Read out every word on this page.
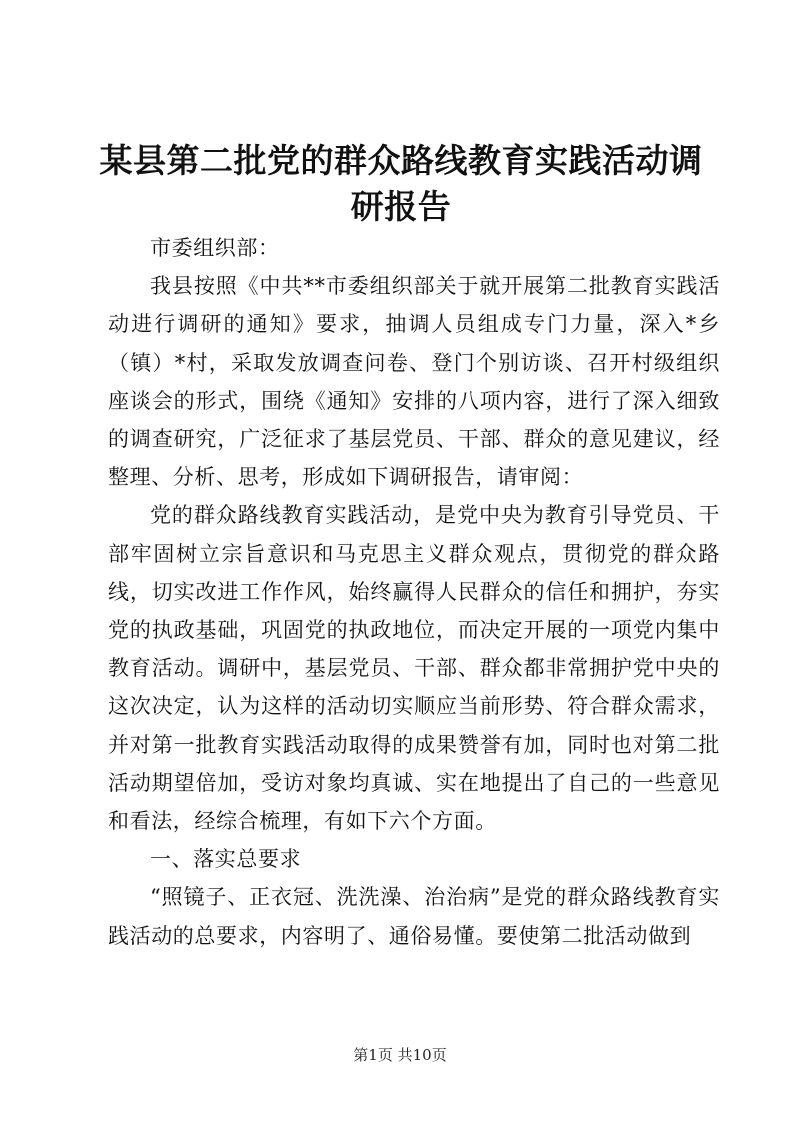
某县第二批党的群众路线教育实践活动调研报告

市委组织部：

我县按照《中共**市委组织部关于就开展第二批教育实践活动进行调研的通知》要求，抽调人员组成专门力量，深入*乡（镇）*村，采取发放调查问卷、登门个别访谈、召开村级组织座谈会的形式，围绕《通知》安排的八项内容，进行了深入细致的调查研究，广泛征求了基层党员、干部、群众的意见建议，经整理、分析、思考，形成如下调研报告，请审阅：

党的群众路线教育实践活动，是党中央为教育引导党员、干部牢固树立宗旨意识和马克思主义群众观点，贯彻党的群众路线，切实改进工作作风，始终赢得人民群众的信任和拥护，夯实党的执政基础，巩固党的执政地位，而决定开展的一项党内集中教育活动。调研中，基层党员、干部、群众都非常拥护党中央的这次决定，认为这样的活动切实顺应当前形势、符合群众需求，并对第一批教育实践活动取得的成果赞誉有加，同时也对第二批活动期望倍加，受访对象均真诚、实在地提出了自己的一些意见和看法，经综合梳理，有如下六个方面。

一、落实总要求

“照镜子、正衣冠、洗洗澡、治治病”是党的群众路线教育实践活动的总要求，内容明了、通俗易懂。要使第二批活动做到

第1页 共10页
